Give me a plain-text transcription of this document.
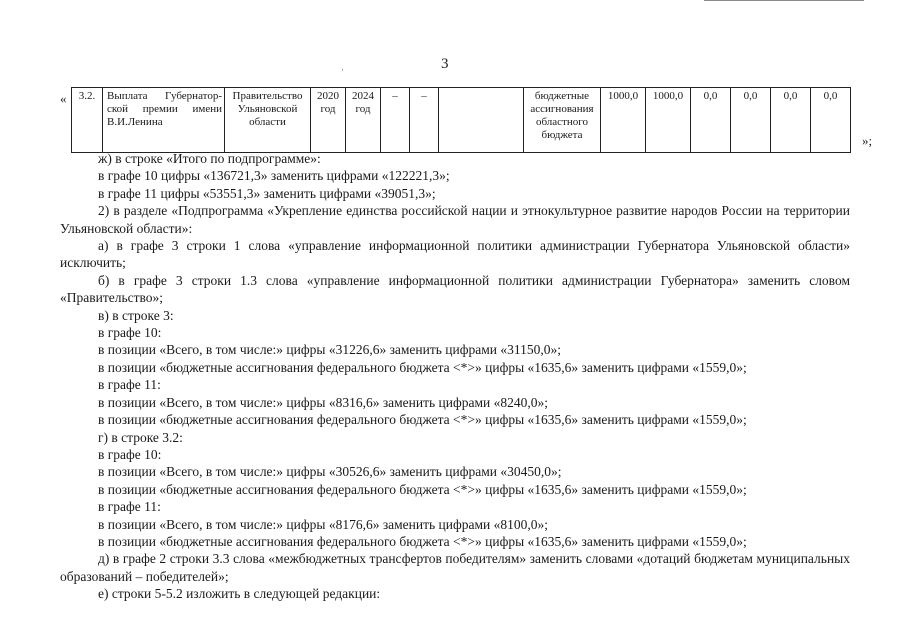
3
‚
« 3.2.	Выплата Губернатор-ской премии имени В.И.Ленина	Правительство Ульяновской области	2020 год	2024 год	–	–		бюджетные ассигнования областного бюджета	1000,0	1000,0	0,0	0,0	0,0	0,0
»;

ж) в строке «Итого по подпрограмме»:

в графе 10 цифры «136721,3» заменить цифрами «122221,3»;

в графе 11 цифры «53551,3» заменить цифрами «39051,3»;

2) в разделе «Подпрограмма «Укрепление единства российской нации и этнокультурное развитие народов России на территории Ульяновской области»:

а) в графе 3 строки 1 слова «управление информационной политики администрации Губернатора Ульяновской области» исключить;

б) в графе 3 строки 1.3 слова «управление информационной политики администрации Губернатора» заменить словом «Правительство»;

в) в строке 3:

в графе 10:

в позиции «Всего, в том числе:» цифры «31226,6» заменить цифрами «31150,0»;

в позиции «бюджетные ассигнования федерального бюджета <*>» цифры «1635,6» заменить цифрами «1559,0»;

в графе 11:

в позиции «Всего, в том числе:» цифры «8316,6» заменить цифрами «8240,0»;

в позиции «бюджетные ассигнования федерального бюджета <*>» цифры «1635,6» заменить цифрами «1559,0»;

г) в строке 3.2:

в графе 10:

в позиции «Всего, в том числе:» цифры «30526,6» заменить цифрами «30450,0»;

в позиции «бюджетные ассигнования федерального бюджета <*>» цифры «1635,6» заменить цифрами «1559,0»;

в графе 11:

в позиции «Всего, в том числе:» цифры «8176,6» заменить цифрами «8100,0»;

в позиции «бюджетные ассигнования федерального бюджета <*>» цифры «1635,6» заменить цифрами «1559,0»;

д) в графе 2 строки 3.3 слова «межбюджетных трансфертов победителям» заменить словами «дотаций бюджетам муниципальных образований – победителей»;

е) строки 5-5.2 изложить в следующей редакции:
